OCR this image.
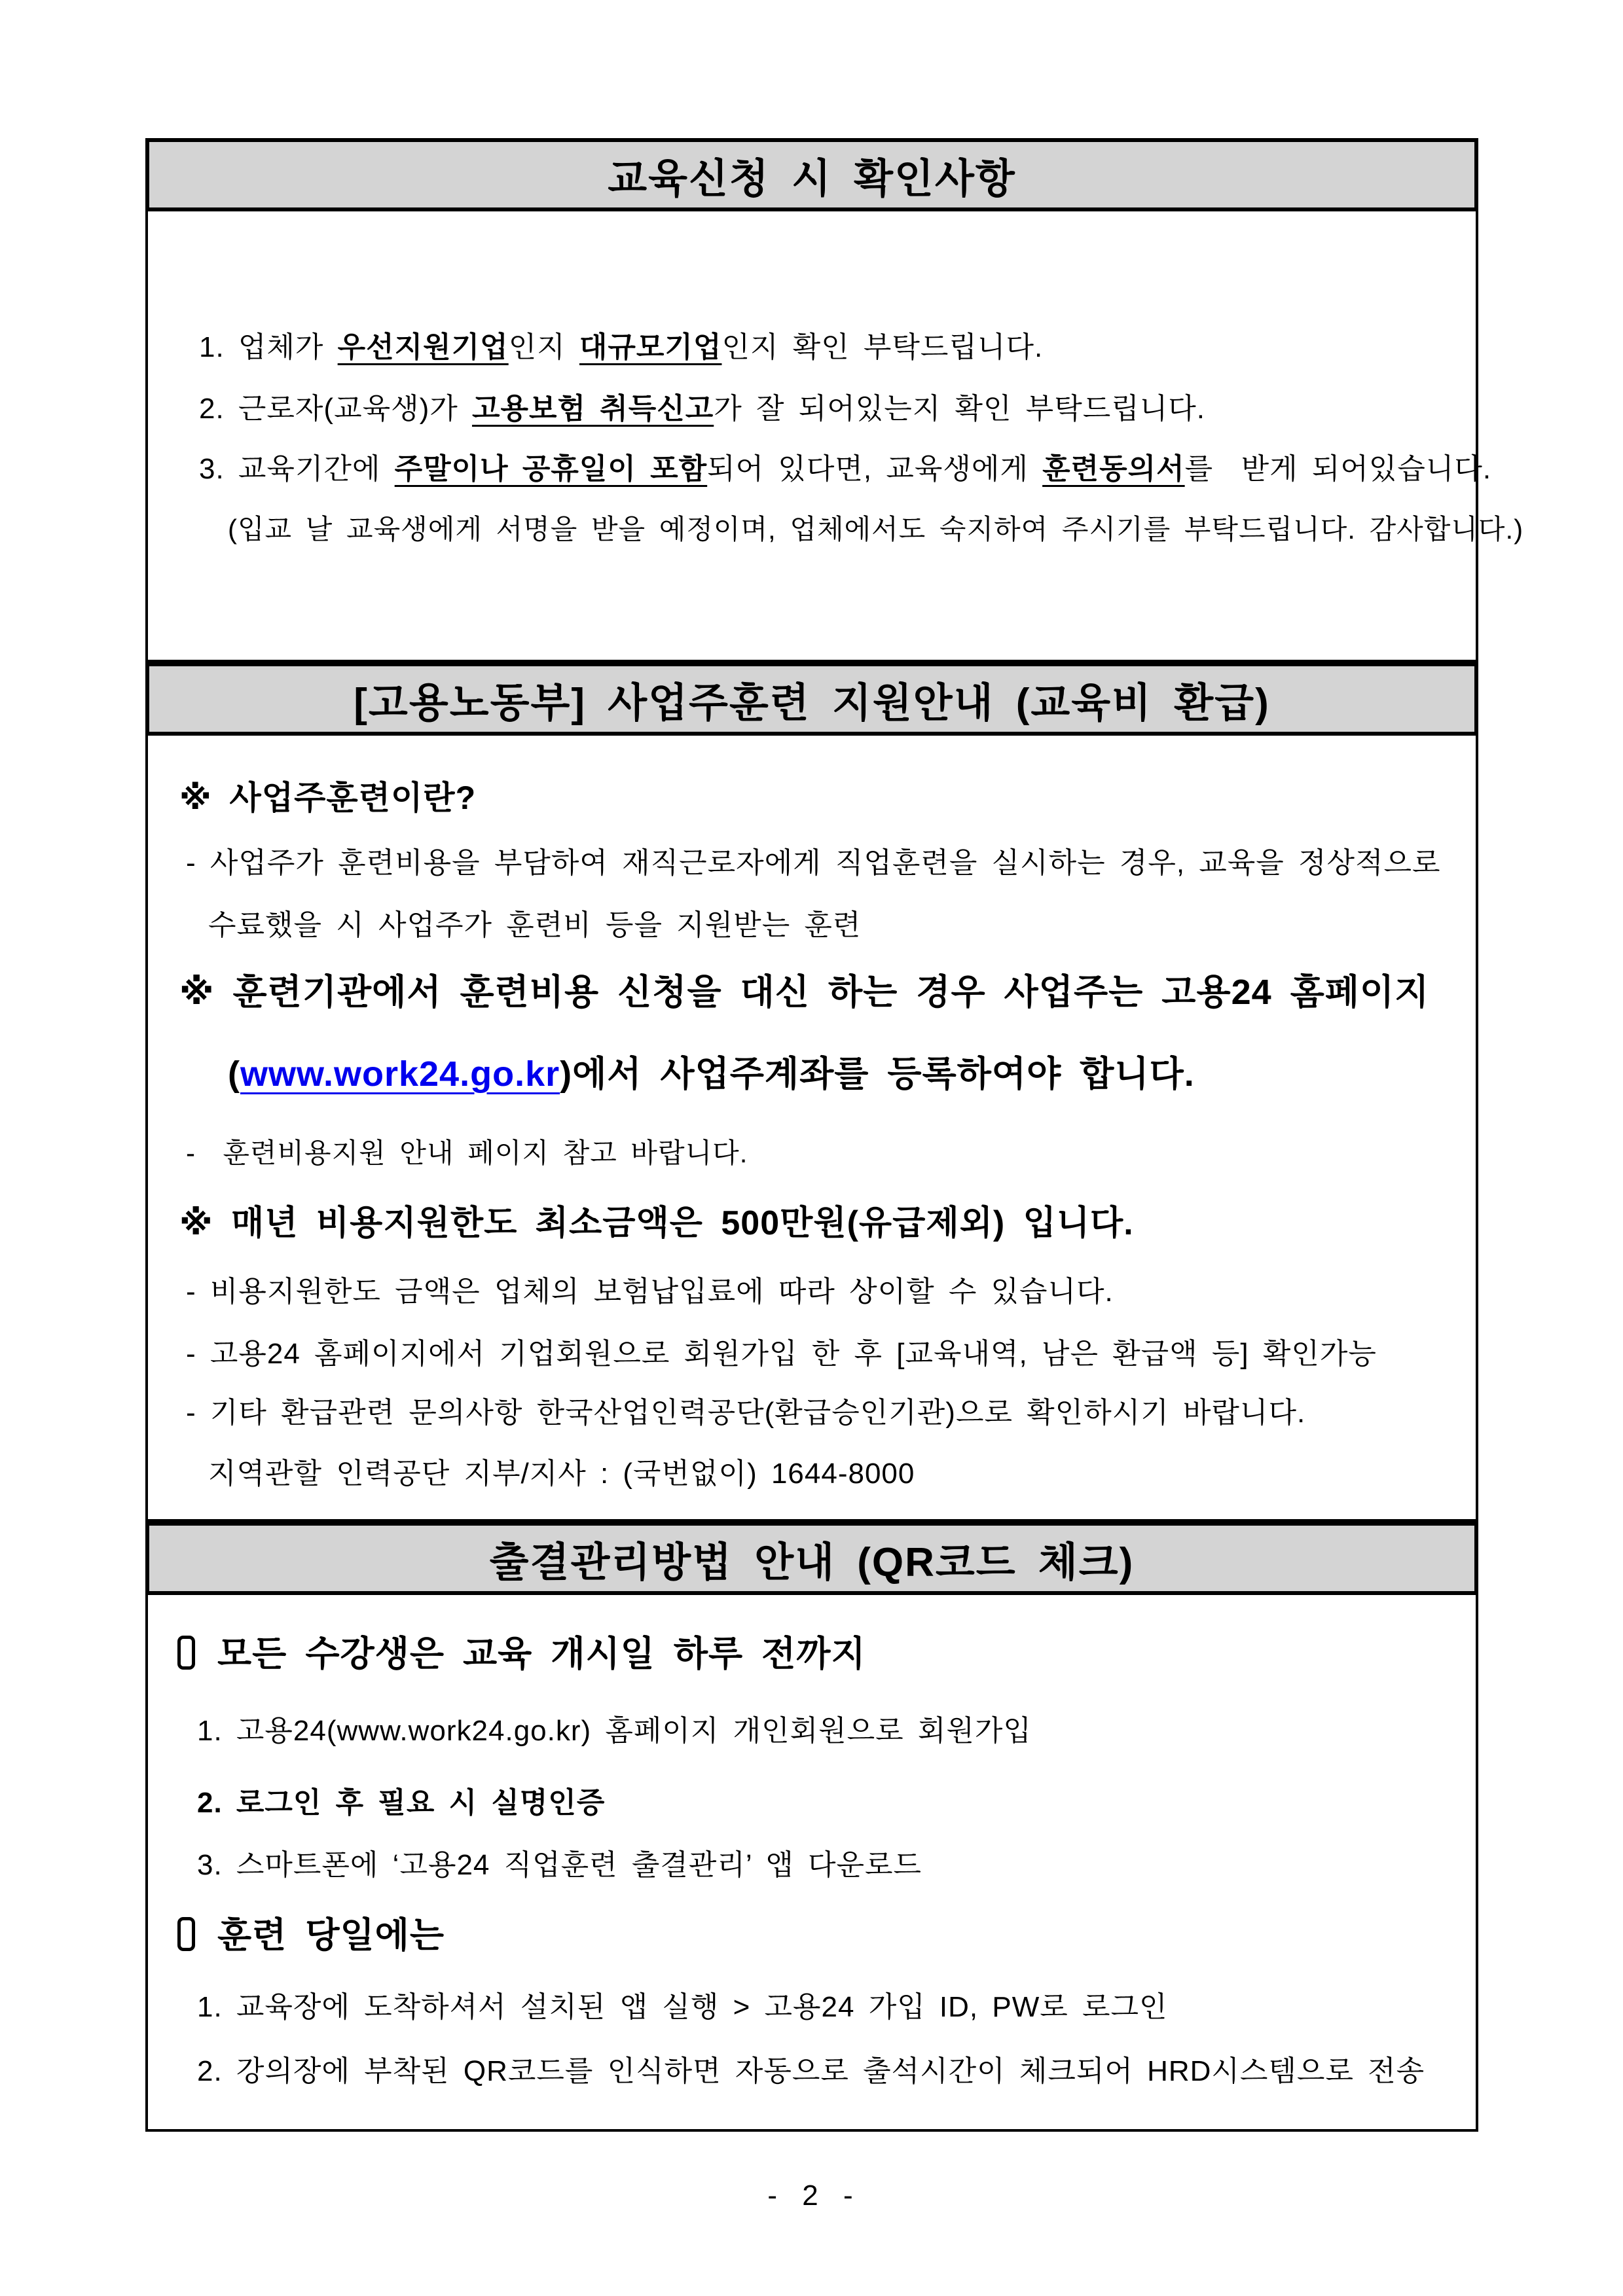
교육신청 시 확인사항
1. 업체가 우선지원기업인지 대규모기업인지 확인 부탁드립니다.
2. 근로자(교육생)가 고용보험 취득신고가 잘 되어있는지 확인 부탁드립니다.
3. 교육기간에 주말이나 공휴일이 포함되어 있다면, 교육생에게 훈련동의서를  받게 되어있습니다.
(입교 날 교육생에게 서명을 받을 예정이며, 업체에서도 숙지하여 주시기를 부탁드립니다. 감사합니다.)
[고용노동부] 사업주훈련 지원안내 (교육비 환급)
※ 사업주훈련이란?
- 사업주가 훈련비용을 부담하여 재직근로자에게 직업훈련을 실시하는 경우, 교육을 정상적으로
수료했을 시 사업주가 훈련비 등을 지원받는 훈련
※ 훈련기관에서 훈련비용 신청을 대신 하는 경우 사업주는 고용24 홈페이지
(www.work24.go.kr)에서 사업주계좌를 등록하여야 합니다.
-  훈련비용지원 안내 페이지 참고 바랍니다.
※ 매년 비용지원한도 최소금액은 500만원(유급제외) 입니다.
- 비용지원한도 금액은 업체의 보험납입료에 따라 상이할 수 있습니다.
- 고용24 홈페이지에서 기업회원으로 회원가입 한 후 [교육내역, 남은 환급액 등] 확인가능
- 기타 환급관련 문의사항 한국산업인력공단(환급승인기관)으로 확인하시기 바랍니다.
지역관할 인력공단 지부/지사 : (국번없이) 1644-8000
출결관리방법 안내 (QR코드 체크)
모든 수강생은 교육 개시일 하루 전까지
1. 고용24(www.work24.go.kr) 홈페이지 개인회원으로 회원가입
2. 로그인 후 필요 시 실명인증
3. 스마트폰에 ‘고용24 직업훈련 출결관리’ 앱 다운로드
훈련 당일에는
1. 교육장에 도착하셔서 설치된 앱 실행 > 고용24 가입 ID, PW로 로그인
2. 강의장에 부착된 QR코드를 인식하면 자동으로 출석시간이 체크되어 HRD시스템으로 전송
- 2 -
